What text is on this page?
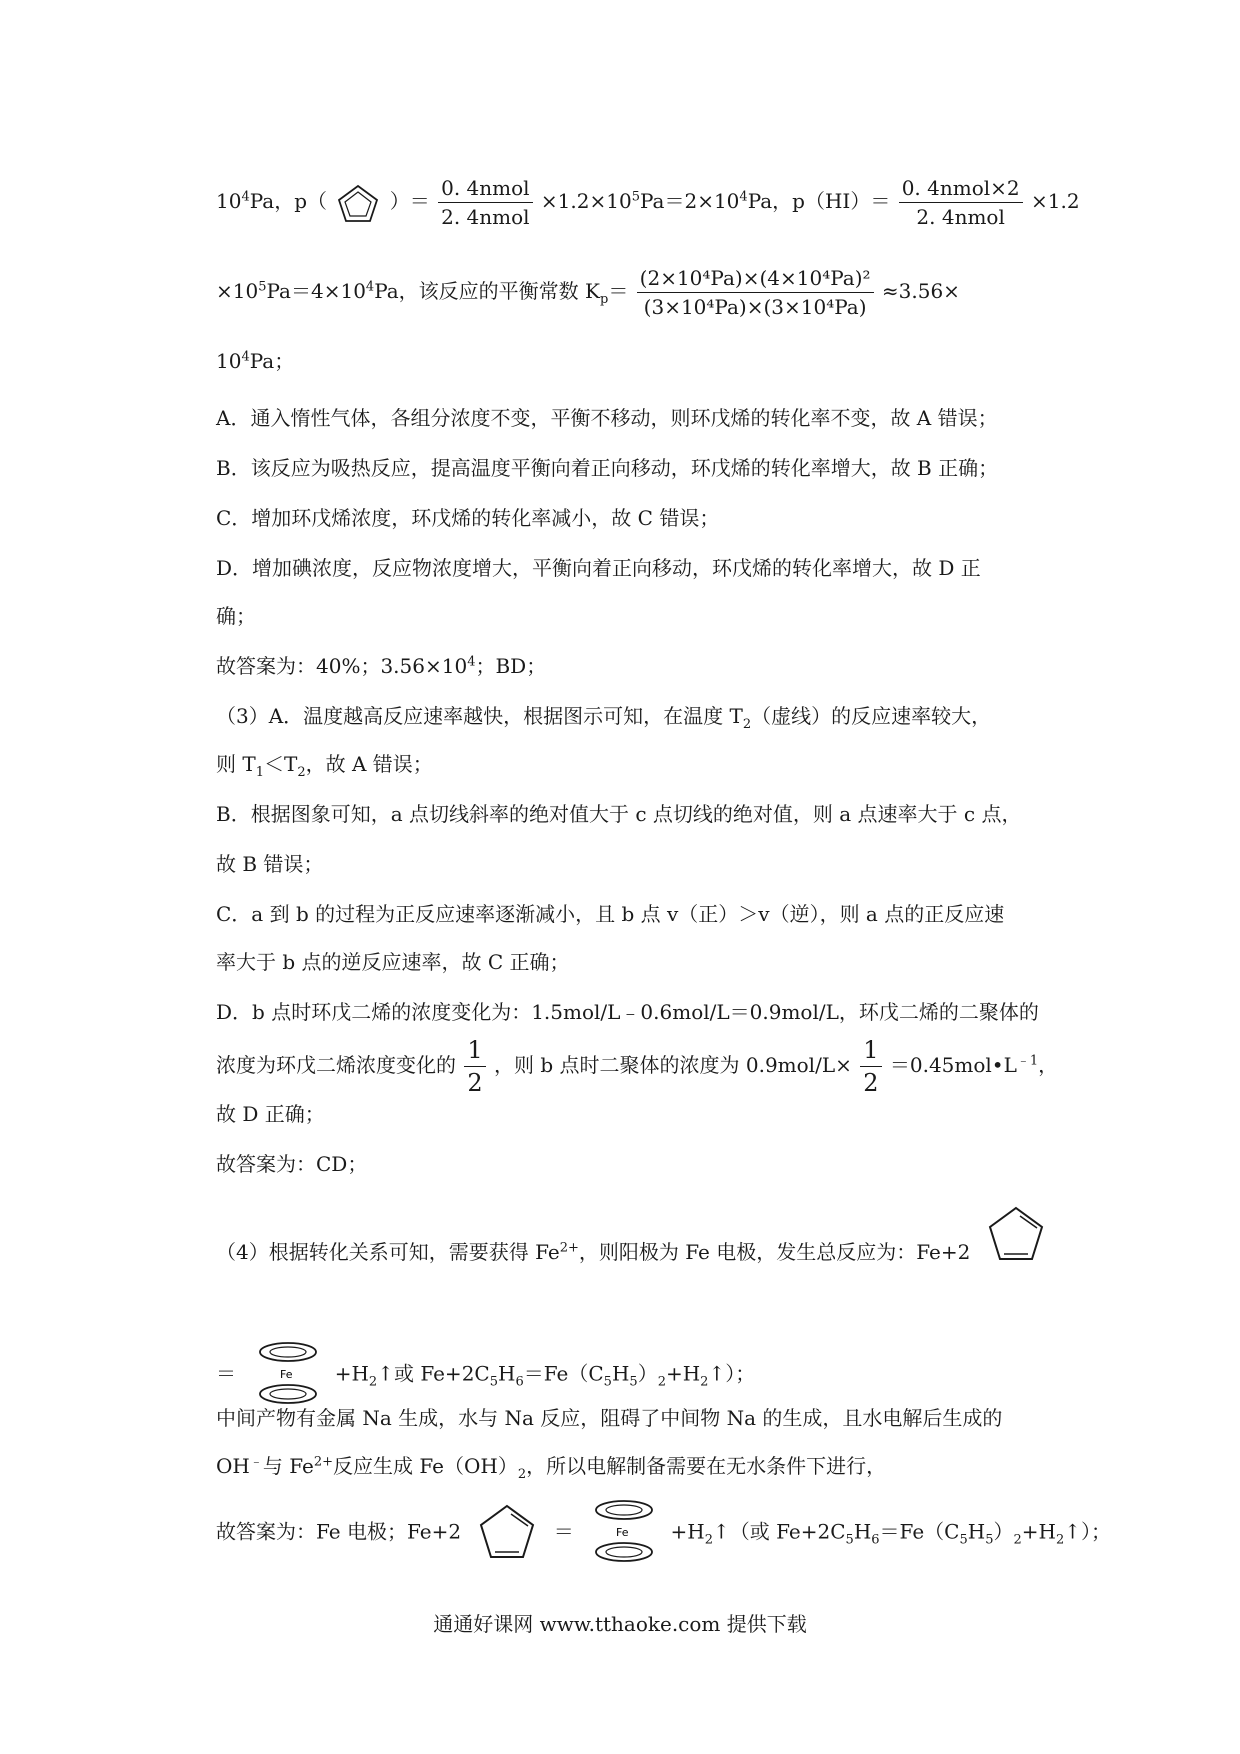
$10^4Pa$，p（	）＝ $\frac{\text{0. 4nmol}}{\text{2. 4nmol}} \times 1.2\times 10^5Pa=2\times 10^4Pa$，$p(HI)= \frac{\text{0. 4nmol×2}}{\text{2. 4nmol}} \times 1.2$
$\times 10^5Pa=4\times 10^4Pa$，该反应的平衡常数 $K_p= \frac{\text{(2×10⁴Pa)×(4×10⁴Pa)²}}{\text{(3×10⁴Pa)×(3×10⁴Pa)}} \approx 3.56\times$
$10^4Pa$；
A．通入惰性气体，各组分浓度不变，平衡不移动，则环戊烯的转化率不变，故 A 错误；
B．该反应为吸热反应，提高温度平衡向着正向移动，环戊烯的转化率增大，故 B 正确；
C．增加环戊烯浓度，环戊烯的转化率减小，故 C 错误；
D．增加碘浓度，反应物浓度增大，平衡向着正向移动，环戊烯的转化率增大，故 D 正
确；
故答案为：40%；$3.56\times 10^4$；BD；
（3）A．温度越高反应速率越快，根据图示可知，在温度 $T_2$（虚线）的反应速率较大，
则 $T_1<T_2$，故 A 错误；
B．根据图象可知，a 点切线斜率的绝对值大于 c 点切线的绝对值，则 a 点速率大于 c 点，
故 B 错误；
C．a 到 b 的过程为正反应速率逐渐减小，且 b 点 v（正）＞v（逆），则 a 点的正反应速
率大于 b 点的逆反应速率，故 C 正确；
D．b 点时环戊二烯的浓度变化为：1.5mol/L﹣0.6mol/L＝0.9mol/L，环戊二烯的二聚体的
浓度为环戊二烯浓度变化的 $\frac{1}{2}$ ，则 b 点时二聚体的浓度为 $0.9mol/L\times \frac{1}{2}$ $=0.45mol•L^{﹣1}$，
故 D 正确；
故答案为：CD；
（4）根据转化关系可知，需要获得 $Fe^{2+}$，则阳极为 Fe 电极，发生总反应为：Fe+2
＝	$Fe +H_2↑$或 $Fe+2C_5H_6=Fe(C_5H_5)_2+H_2↑$）；
中间产物有金属 Na 生成，水与 Na 反应，阻碍了中间物 Na 的生成，且水电解后生成的
OH﹣与 $Fe^{2+}$反应生成 $Fe(OH)_2$，所以电解制备需要在无水条件下进行，
故答案为：Fe 电极；Fe+2	＝	$Fe +H_2↑$（或 $Fe+2C_5H_6=Fe(C_5H_5)_2+H_2↑$）；
通通好课网 www.tthaoke.com 提供下载
